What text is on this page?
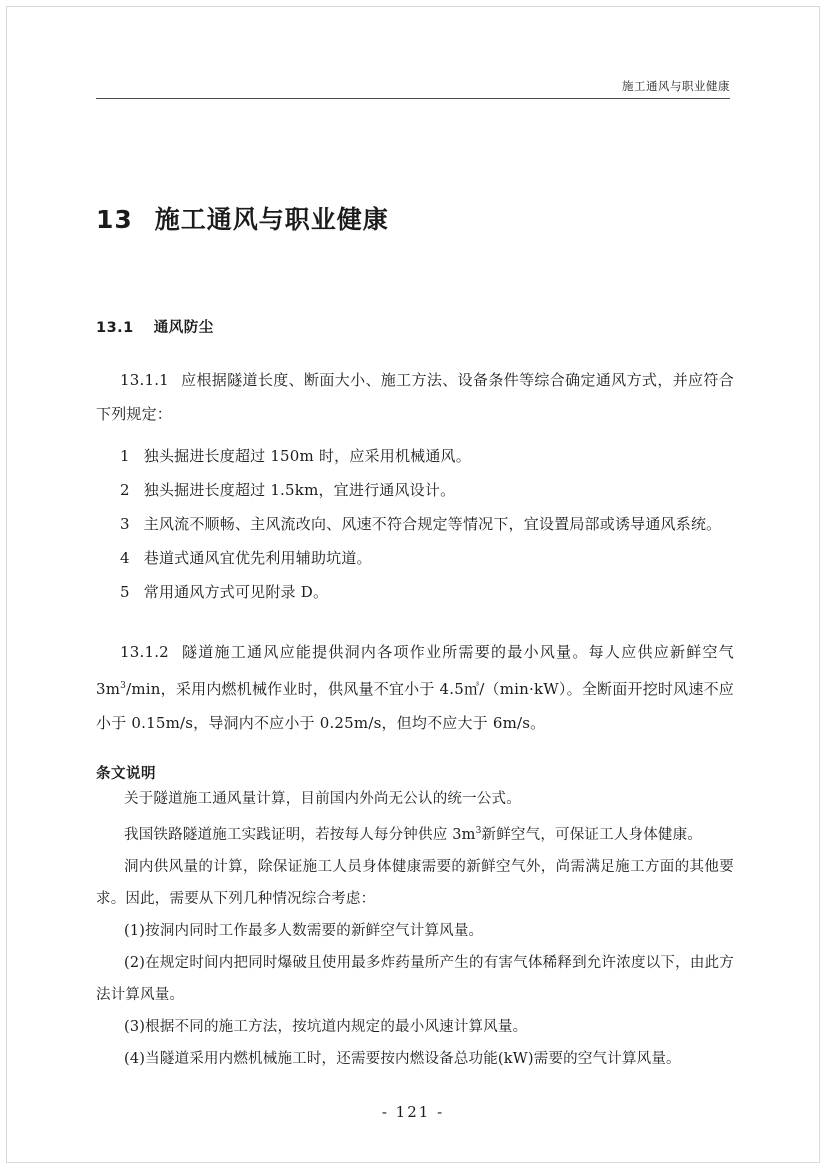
施工通风与职业健康
13 施工通风与职业健康
13.1 通风防尘

13.1.1 应根据隧道长度、断面大小、施工方法、设备条件等综合确定通风方式，并应符合下列规定：

1 独头掘进长度超过 150m 时，应采用机械通风。

2 独头掘进长度超过 1.5km，宜进行通风设计。

3 主风流不顺畅、主风流改向、风速不符合规定等情况下，宜设置局部或诱导通风系统。

4 巷道式通风宜优先利用辅助坑道。

5 常用通风方式可见附录 D。

13.1.2 隧道施工通风应能提供洞内各项作业所需要的最小风量。每人应供应新鲜空气 $3m^3/\min$，采用内燃机械作业时，供风量不宜小于 4.5㎥/（min·kW）。全断面开挖时风速不应小于 0.15m/s，导洞内不应小于 0.25m/s，但均不应大于 6m/s。

条文说明

关于隧道施工通风量计算，目前国内外尚无公认的统一公式。

我国铁路隧道施工实践证明，若按每人每分钟供应 $3m^3$新鲜空气，可保证工人身体健康。

洞内供风量的计算，除保证施工人员身体健康需要的新鲜空气外，尚需满足施工方面的其他要求。因此，需要从下列几种情况综合考虑：

(1)按洞内同时工作最多人数需要的新鲜空气计算风量。

(2)在规定时间内把同时爆破且使用最多炸药量所产生的有害气体稀释到允许浓度以下，由此方法计算风量。

(3)根据不同的施工方法，按坑道内规定的最小风速计算风量。

(4)当隧道采用内燃机械施工时，还需要按内燃设备总功能(kW)需要的空气计算风量。

- 121 -
